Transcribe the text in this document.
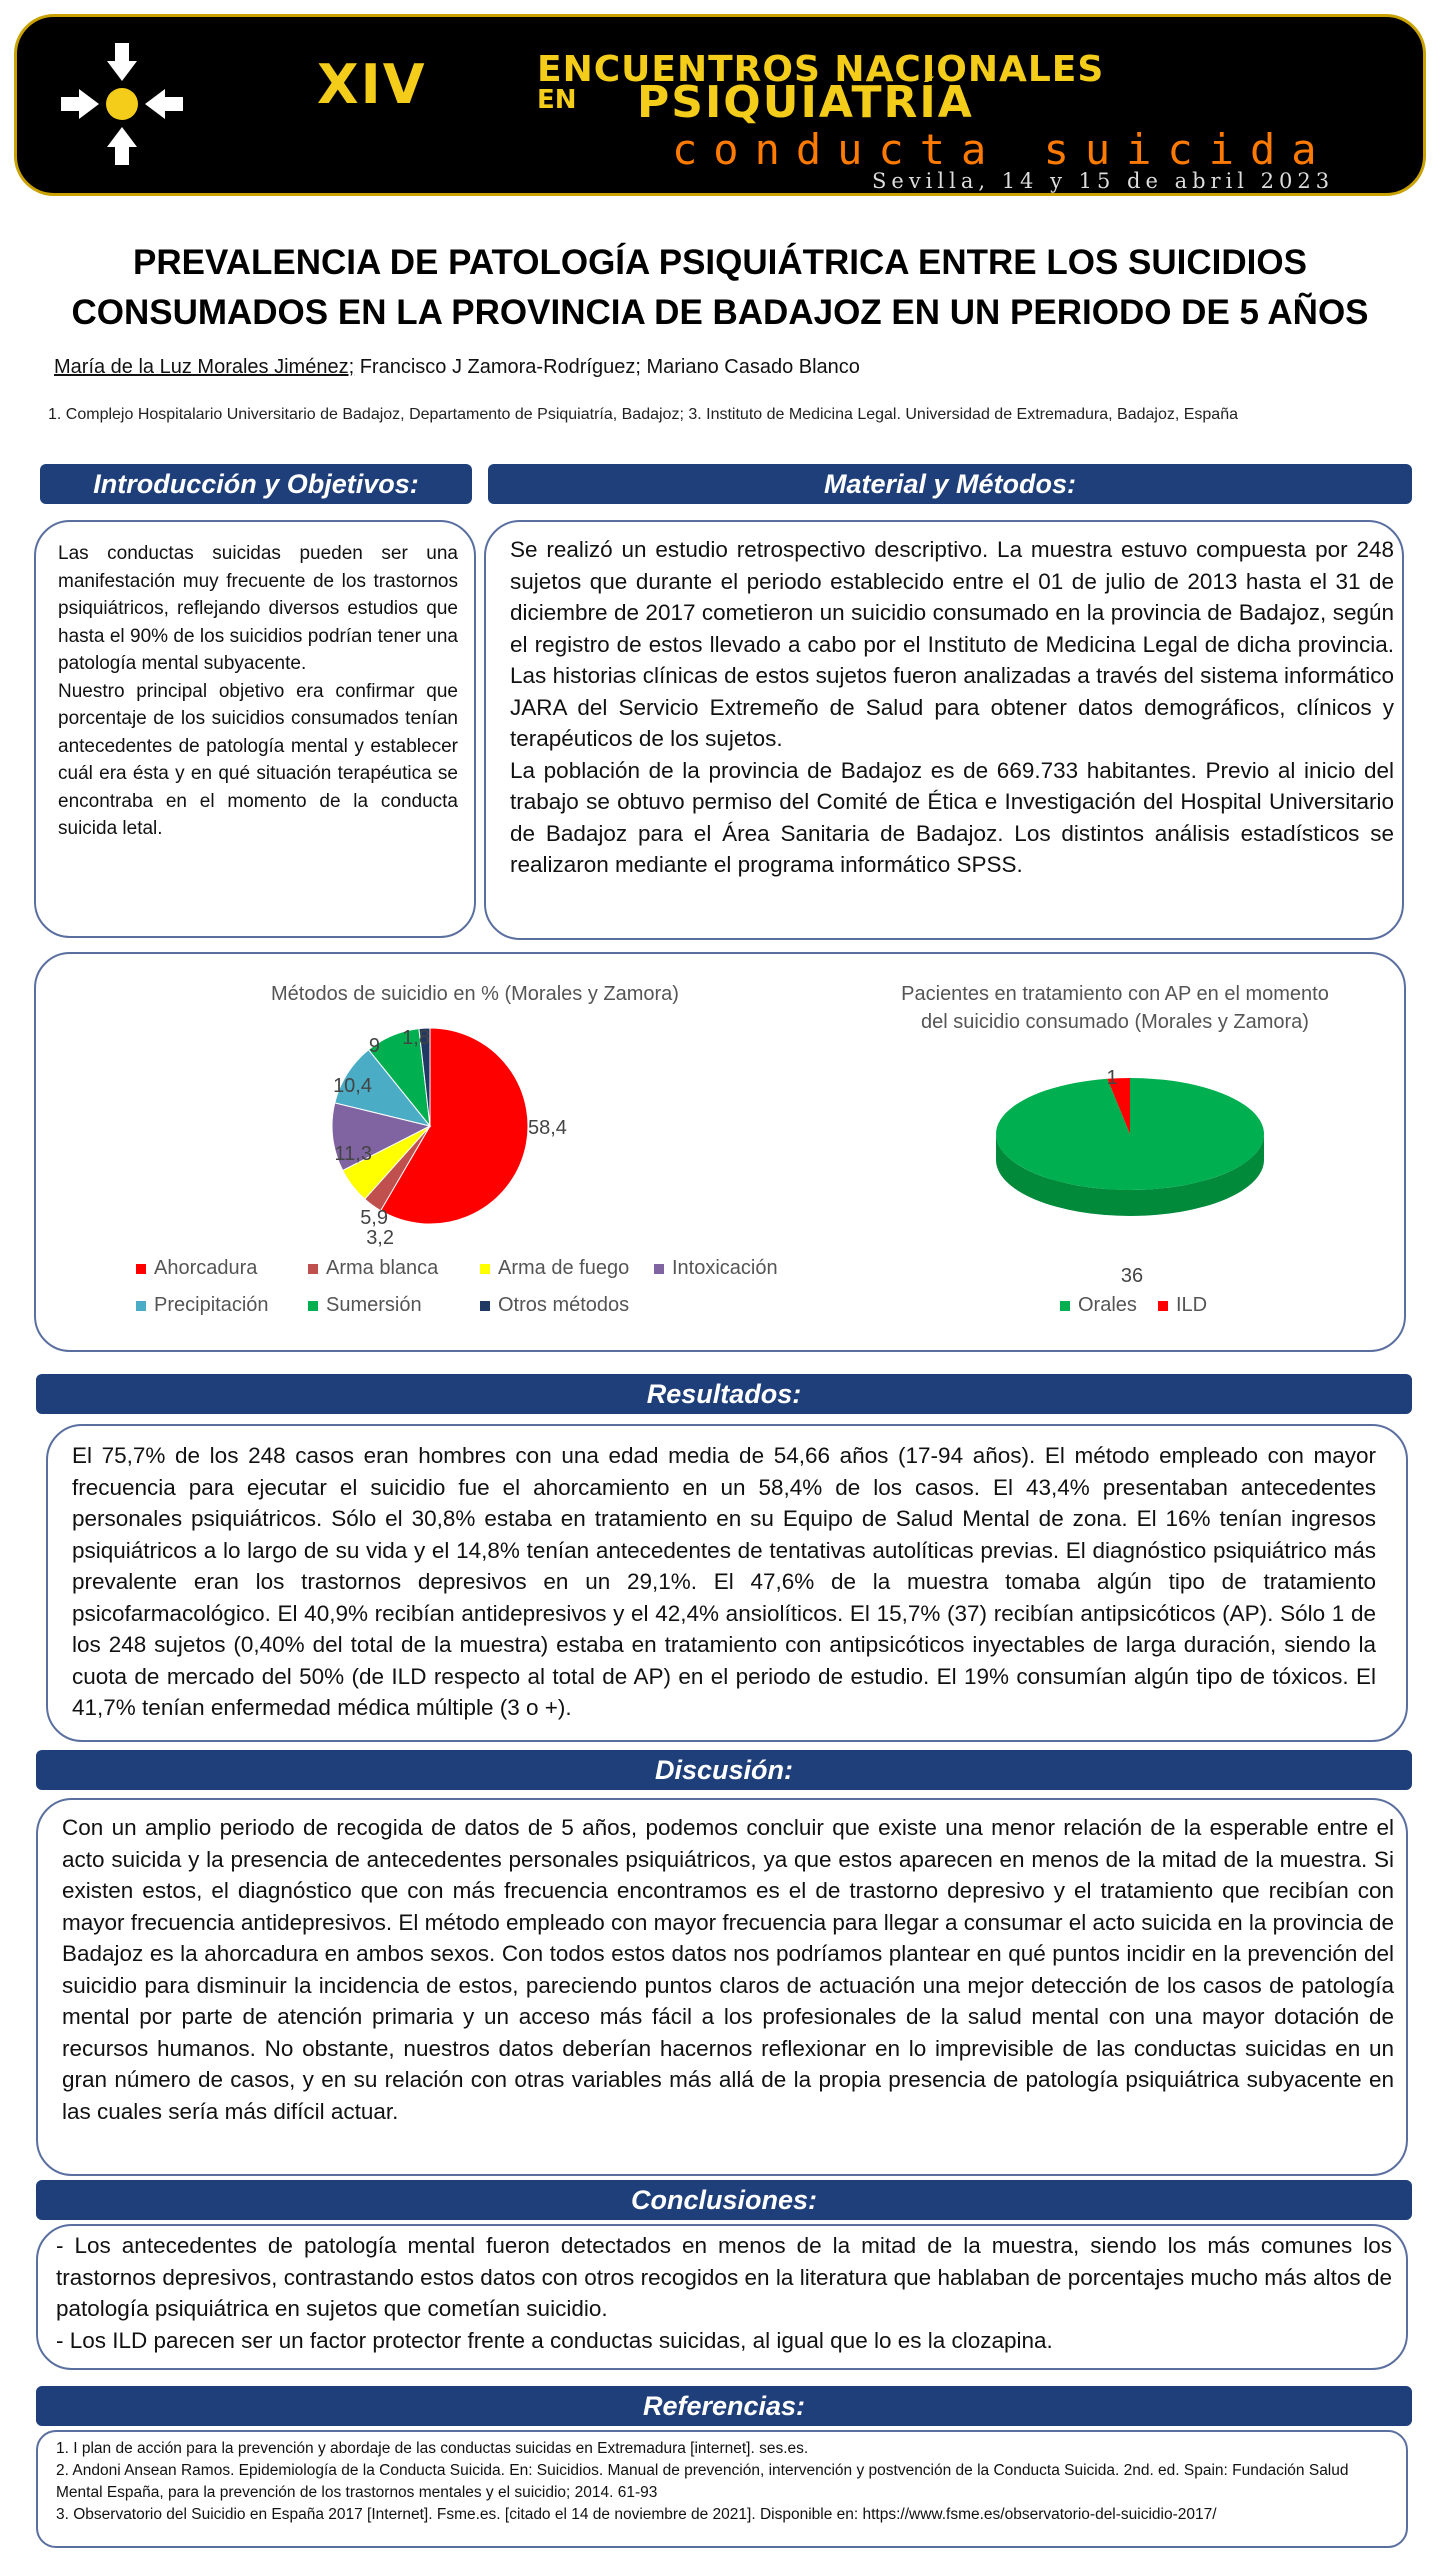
XIV	ENCUENTROS NACIONALES
EN PSIQUIATRÍA
conducta suicida
Sevilla, 14 y 15 de abril 2023
PREVALENCIA DE PATOLOGÍA PSIQUIÁTRICA ENTRE LOS SUICIDIOS CONSUMADOS EN LA PROVINCIA DE BADAJOZ EN UN PERIODO DE 5 AÑOS
María de la Luz Morales Jiménez; Francisco J Zamora-Rodríguez; Mariano Casado Blanco
1. Complejo Hospitalario Universitario de Badajoz, Departamento de Psiquiatría, Badajoz; 3. Instituto de Medicina Legal. Universidad de Extremadura, Badajoz, España
Introducción y Objetivos:
Las conductas suicidas pueden ser una manifestación muy frecuente de los trastornos psiquiátricos, reflejando diversos estudios que hasta el 90% de los suicidios podrían tener una patología mental subyacente.
Nuestro principal objetivo era confirmar que porcentaje de los suicidios consumados tenían antecedentes de patología mental y establecer cuál era ésta y en qué situación terapéutica se encontraba en el momento de la conducta suicida letal.
Material y Métodos:
Se realizó un estudio retrospectivo descriptivo. La muestra estuvo compuesta por 248 sujetos que durante el periodo establecido entre el 01 de julio de 2013 hasta el 31 de diciembre de 2017 cometieron un suicidio consumado en la provincia de Badajoz, según el registro de estos llevado a cabo por el Instituto de Medicina Legal de dicha provincia. Las historias clínicas de estos sujetos fueron analizadas a través del sistema informático JARA del Servicio Extremeño de Salud para obtener datos demográficos, clínicos y terapéuticos de los sujetos.
La población de la provincia de Badajoz es de 669.733 habitantes. Previo al inicio del trabajo se obtuvo permiso del Comité de Ética e Investigación del Hospital Universitario de Badajoz para el Área Sanitaria de Badajoz. Los distintos análisis estadísticos se realizaron mediante el programa informático SPSS.
Métodos de suicidio en % (Morales y Zamora)
58,4
3,2
5,9
11,3
10,4
9 1,8
Ahorcadura	Arma blanca	Arma de fuego	Intoxicación
Precipitación	Sumersión	Otros métodos
Pacientes en tratamiento con AP en el momento del suicidio consumado (Morales y Zamora)
36
1
Orales	ILD
Resultados:
El 75,7% de los 248 casos eran hombres con una edad media de 54,66 años (17-94 años). El método empleado con mayor frecuencia para ejecutar el suicidio fue el ahorcamiento en un 58,4% de los casos. El 43,4% presentaban antecedentes personales psiquiátricos. Sólo el 30,8% estaba en tratamiento en su Equipo de Salud Mental de zona. El 16% tenían ingresos psiquiátricos a lo largo de su vida y el 14,8% tenían antecedentes de tentativas autolíticas previas. El diagnóstico psiquiátrico más prevalente eran los trastornos depresivos en un 29,1%. El 47,6% de la muestra tomaba algún tipo de tratamiento psicofarmacológico. El 40,9% recibían antidepresivos y el 42,4% ansiolíticos. El 15,7% (37) recibían antipsicóticos (AP). Sólo 1 de los 248 sujetos (0,40% del total de la muestra) estaba en tratamiento con antipsicóticos inyectables de larga duración, siendo la cuota de mercado del 50% (de ILD respecto al total de AP) en el periodo de estudio. El 19% consumían algún tipo de tóxicos. El 41,7% tenían enfermedad médica múltiple (3 o +).
Discusión:
Con un amplio periodo de recogida de datos de 5 años, podemos concluir que existe una menor relación de la esperable entre el acto suicida y la presencia de antecedentes personales psiquiátricos, ya que estos aparecen en menos de la mitad de la muestra. Si existen estos, el diagnóstico que con más frecuencia encontramos es el de trastorno depresivo y el tratamiento que recibían con mayor frecuencia antidepresivos. El método empleado con mayor frecuencia para llegar a consumar el acto suicida en la provincia de Badajoz es la ahorcadura en ambos sexos. Con todos estos datos nos podríamos plantear en qué puntos incidir en la prevención del suicidio para disminuir la incidencia de estos, pareciendo puntos claros de actuación una mejor detección de los casos de patología mental por parte de atención primaria y un acceso más fácil a los profesionales de la salud mental con una mayor dotación de recursos humanos. No obstante, nuestros datos deberían hacernos reflexionar en lo imprevisible de las conductas suicidas en un gran número de casos, y en su relación con otras variables más allá de la propia presencia de patología psiquiátrica subyacente en las cuales sería más difícil actuar.
Conclusiones:
- Los antecedentes de patología mental fueron detectados en menos de la mitad de la muestra, siendo los más comunes los trastornos depresivos, contrastando estos datos con otros recogidos en la literatura que hablaban de porcentajes mucho más altos de patología psiquiátrica en sujetos que cometían suicidio.
- Los ILD parecen ser un factor protector frente a conductas suicidas, al igual que lo es la clozapina.
Referencias:
1. I plan de acción para la prevención y abordaje de las conductas suicidas en Extremadura [internet]. ses.es.
2. Andoni Ansean Ramos. Epidemiología de la Conducta Suicida. En: Suicidios. Manual de prevención, intervención y postvención de la Conducta Suicida. 2nd. ed. Spain: Fundación Salud Mental España, para la prevención de los trastornos mentales y el suicidio; 2014. 61-93
3. Observatorio del Suicidio en España 2017 [Internet]. Fsme.es. [citado el 14 de noviembre de 2021]. Disponible en: https://www.fsme.es/observatorio-del-suicidio-2017/
